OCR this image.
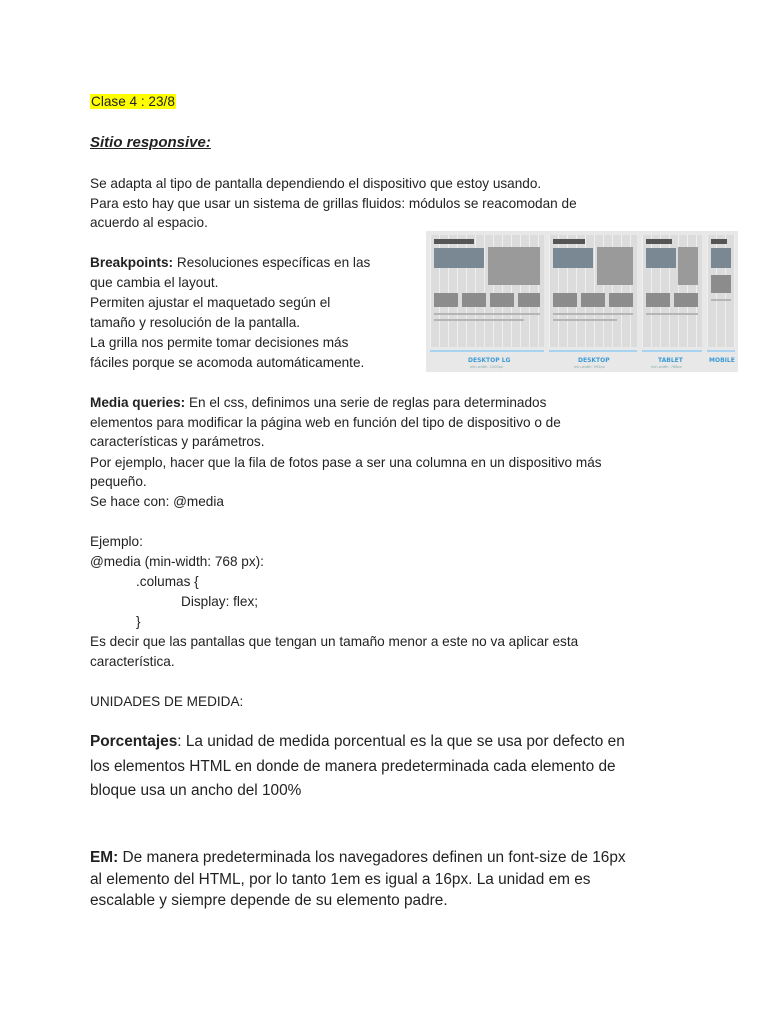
Clase 4 : 23/8
Sitio responsive:
Se adapta al tipo de pantalla dependiendo el dispositivo que estoy usando.
Para esto hay que usar un sistema de grillas fluidos: módulos se reacomodan de
acuerdo al espacio.
Breakpoints: Resoluciones específicas en las
que cambia el layout.
Permiten ajustar el maquetado según el
tamaño y resolución de la pantalla.
La grilla nos permite tomar decisiones más
fáciles porque se acomoda automáticamente.	DESKTOP LG	DESKTOP	TABLET	MOBILE
min-width: 1200px	min-width: 992px	min-width: 768px
Media queries: En el css, definimos una serie de reglas para determinados
elementos para modificar la página web en función del tipo de dispositivo o de
características y parámetros.
Por ejemplo, hacer que la fila de fotos pase a ser una columna en un dispositivo más
pequeño.
Se hace con: @media
Ejemplo:
@media (min-width: 768 px):
.columas {
Display: flex;
}
Es decir que las pantallas que tengan un tamaño menor a este no va aplicar esta
característica.
UNIDADES DE MEDIDA:
Porcentajes: La unidad de medida porcentual es la que se usa por defecto en
los elementos HTML en donde de manera predeterminada cada elemento de
bloque usa un ancho del 100%
EM: De manera predeterminada los navegadores definen un font-size de 16px
al elemento del HTML, por lo tanto 1em es igual a 16px. La unidad em es
escalable y siempre depende de su elemento padre.
